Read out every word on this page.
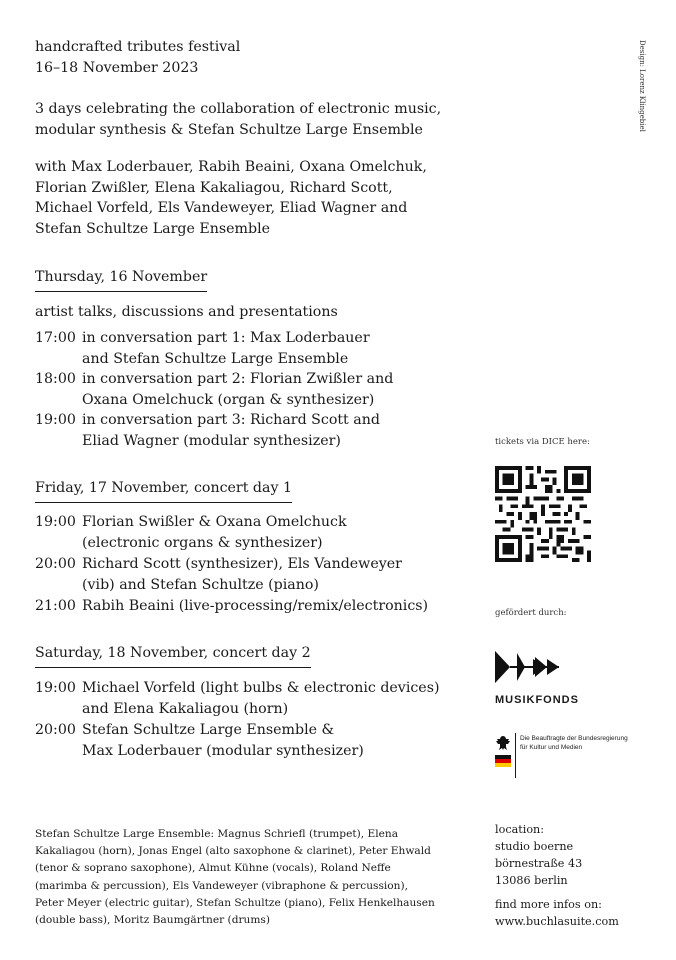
Design: Lorenz Klingebiel
handcrafted tributes festival
16–18 November 2023
3 days celebrating the collaboration of electronic music,
modular synthesis & Stefan Schultze Large Ensemble
with Max Loderbauer, Rabih Beaini, Oxana Omelchuk,
Florian Zwißler, Elena Kakaliagou, Richard Scott,
Michael Vorfeld, Els Vandeweyer, Eliad Wagner and
Stefan Schultze Large Ensemble
Thursday, 16 November
artist talks, discussions and presentations
17:00 in conversation part 1: Max Loderbauer
and Stefan Schultze Large Ensemble
18:00 in conversation part 2: Florian Zwißler and
Oxana Omelchuck (organ & synthesizer)
19:00 in conversation part 3: Richard Scott and
Eliad Wagner (modular synthesizer)
Friday, 17 November, concert day 1
19:00 Florian Swißler & Oxana Omelchuck
(electronic organs & synthesizer)
20:00 Richard Scott (synthesizer), Els Vandeweyer
(vib) and Stefan Schultze (piano)
21:00 Rabih Beaini (live-processing/remix/electronics)
Saturday, 18 November, concert day 2
19:00 Michael Vorfeld (light bulbs & electronic devices)
and Elena Kakaliagou (horn)
20:00 Stefan Schultze Large Ensemble &
Max Loderbauer (modular synthesizer)
tickets via DICE here:
gefördert durch:
MUSIKFONDS
Die Beauftragte der Bundesregierung
für Kultur und Medien
Stefan Schultze Large Ensemble: Magnus Schriefl (trumpet), Elena
Kakaliagou (horn), Jonas Engel (alto saxophone & clarinet), Peter Ehwald
(tenor & soprano saxophone), Almut Kühne (vocals), Roland Neffe
(marimba & percussion), Els Vandeweyer (vibraphone & percussion),
Peter Meyer (electric guitar), Stefan Schultze (piano), Felix Henkelhausen
(double bass), Moritz Baumgärtner (drums)
location:
studio boerne
börnestraße 43
13086 berlin
find more infos on:
www.buchlasuite.com
